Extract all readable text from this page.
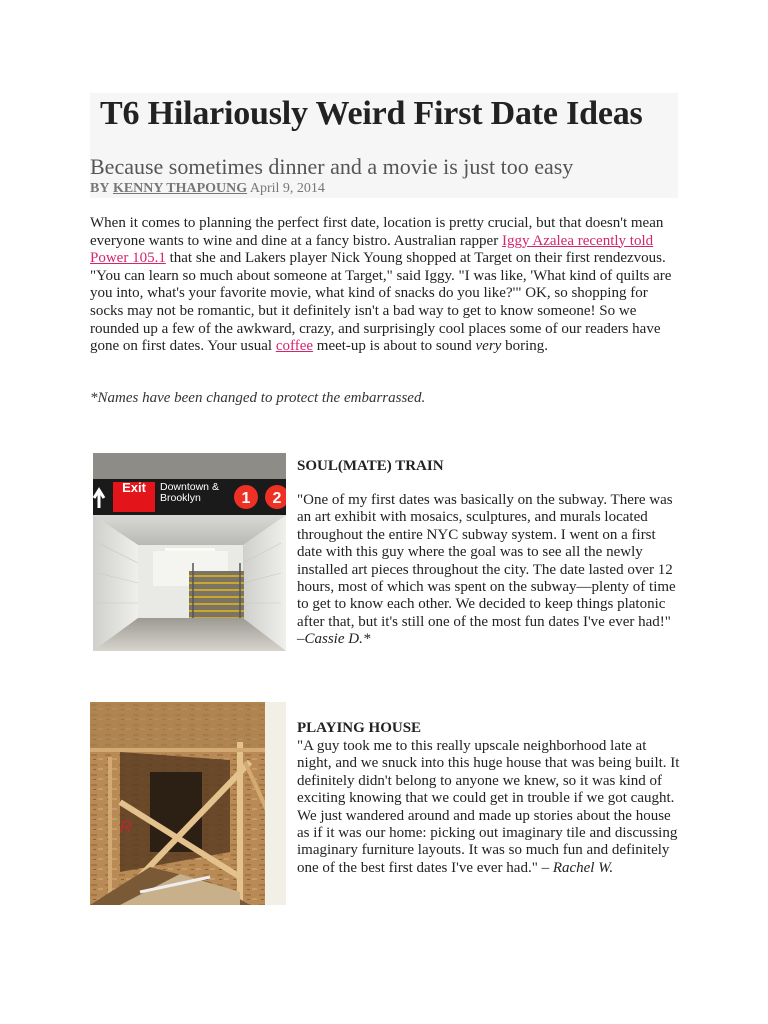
T6 Hilariously Weird First Date Ideas
Because sometimes dinner and a movie is just too easy
BY KENNY THAPOUNG April 9, 2014
When it comes to planning the perfect first date, location is pretty crucial, but that doesn't mean everyone wants to wine and dine at a fancy bistro. Australian rapper Iggy Azalea recently told Power 105.1 that she and Lakers player Nick Young shopped at Target on their first rendezvous. "You can learn so much about someone at Target," said Iggy. "I was like, 'What kind of quilts are you into, what's your favorite movie, what kind of snacks do you like?'" OK, so shopping for socks may not be romantic, but it definitely isn't a bad way to get to know someone! So we rounded up a few of the awkward, crazy, and surprisingly cool places some of our readers have gone on first dates. Your usual coffee meet-up is about to sound very boring.
*Names have been changed to protect the embarrassed.
Exit Downtown &
Brooklyn	1 2
SOUL(MATE) TRAIN
"One of my first dates was basically on the subway. There was an art exhibit with mosaics, sculptures, and murals located throughout the entire NYC subway system. I went on a first date with this guy where the goal was to see all the newly installed art pieces throughout the city. The date lasted over 12 hours, most of which was spent on the subway—plenty of time to get to know each other. We decided to keep things platonic after that, but it's still one of the most fun dates I've ever had!" –Cassie D.*
R
PLAYING HOUSE
"A guy took me to this really upscale neighborhood late at night, and we snuck into this huge house that was being built. It definitely didn't belong to anyone we knew, so it was kind of exciting knowing that we could get in trouble if we got caught. We just wandered around and made up stories about the house as if it was our home: picking out imaginary tile and discussing imaginary furniture layouts. It was so much fun and definitely one of the best first dates I've ever had." – Rachel W.
